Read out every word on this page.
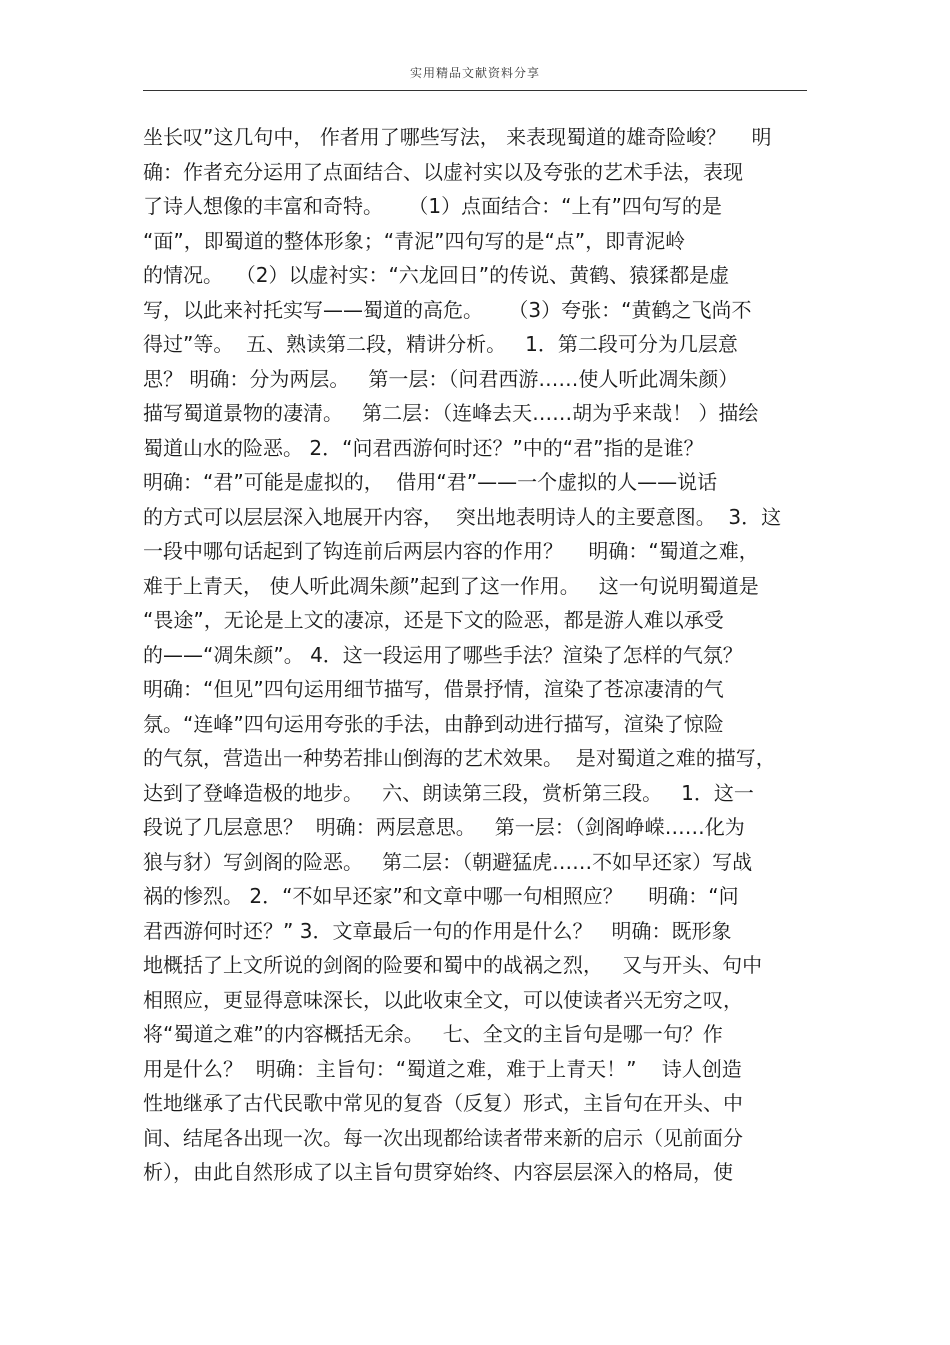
实用精品文献资料分享
坐长叹”这几句中， 作者用了哪些写法， 来表现蜀道的雄奇险峻？    明
确：作者充分运用了点面结合、以虚衬实以及夸张的艺术手法，表现
了诗人想像的丰富和奇特。    （1）点面结合：“上有”四句写的是
“面”，即蜀道的整体形象；“青泥”四句写的是“点”，即青泥岭
的情况。  （2）以虚衬实：“六龙回日”的传说、黄鹤、猿猱都是虚
写，以此来衬托实写——蜀道的高危。    （3）夸张：“黄鹤之飞尚不
得过”等。  五、熟读第二段，精讲分析。   1．第二段可分为几层意
思？ 明确：分为两层。   第一层：（问君西游……使人听此凋朱颜）
描写蜀道景物的凄清。   第二层：（连峰去天……胡为乎来哉！ ）描绘
蜀道山水的险恶。 2．“问君西游何时还？”中的“君”指的是谁？
明确：“君”可能是虚拟的，  借用“君”——一个虚拟的人——说话
的方式可以层层深入地展开内容，  突出地表明诗人的主要意图。  3．这
一段中哪句话起到了钩连前后两层内容的作用？    明确：“蜀道之难，
难于上青天， 使人听此凋朱颜”起到了这一作用。   这一句说明蜀道是
“畏途”，无论是上文的凄凉，还是下文的险恶，都是游人难以承受
的——“凋朱颜”。 4．这一段运用了哪些手法？渲染了怎样的气氛？
明确：“但见”四句运用细节描写，借景抒情，渲染了苍凉凄清的气
氛。“连峰”四句运用夸张的手法，由静到动进行描写，渲染了惊险
的气氛，营造出一种势若排山倒海的艺术效果。  是对蜀道之难的描写，
达到了登峰造极的地步。   六、朗读第三段，赏析第三段。   1．这一
段说了几层意思？  明确：两层意思。   第一层：（剑阁峥嵘……化为
狼与豺）写剑阁的险恶。   第二层：（朝避猛虎……不如早还家）写战
祸的惨烈。 2．“不如早还家”和文章中哪一句相照应？    明确：“问
君西游何时还？” 3．文章最后一句的作用是什么？   明确：既形象
地概括了上文所说的剑阁的险要和蜀中的战祸之烈，   又与开头、句中
相照应，更显得意味深长，以此收束全文，可以使读者兴无穷之叹，
将“蜀道之难”的内容概括无余。   七、全文的主旨句是哪一句？作
用是什么？  明确：主旨句：“蜀道之难，难于上青天！”    诗人创造
性地继承了古代民歌中常见的复沓（反复）形式，主旨句在开头、中
间、结尾各出现一次。每一次出现都给读者带来新的启示（见前面分
析），由此自然形成了以主旨句贯穿始终、内容层层深入的格局，使
